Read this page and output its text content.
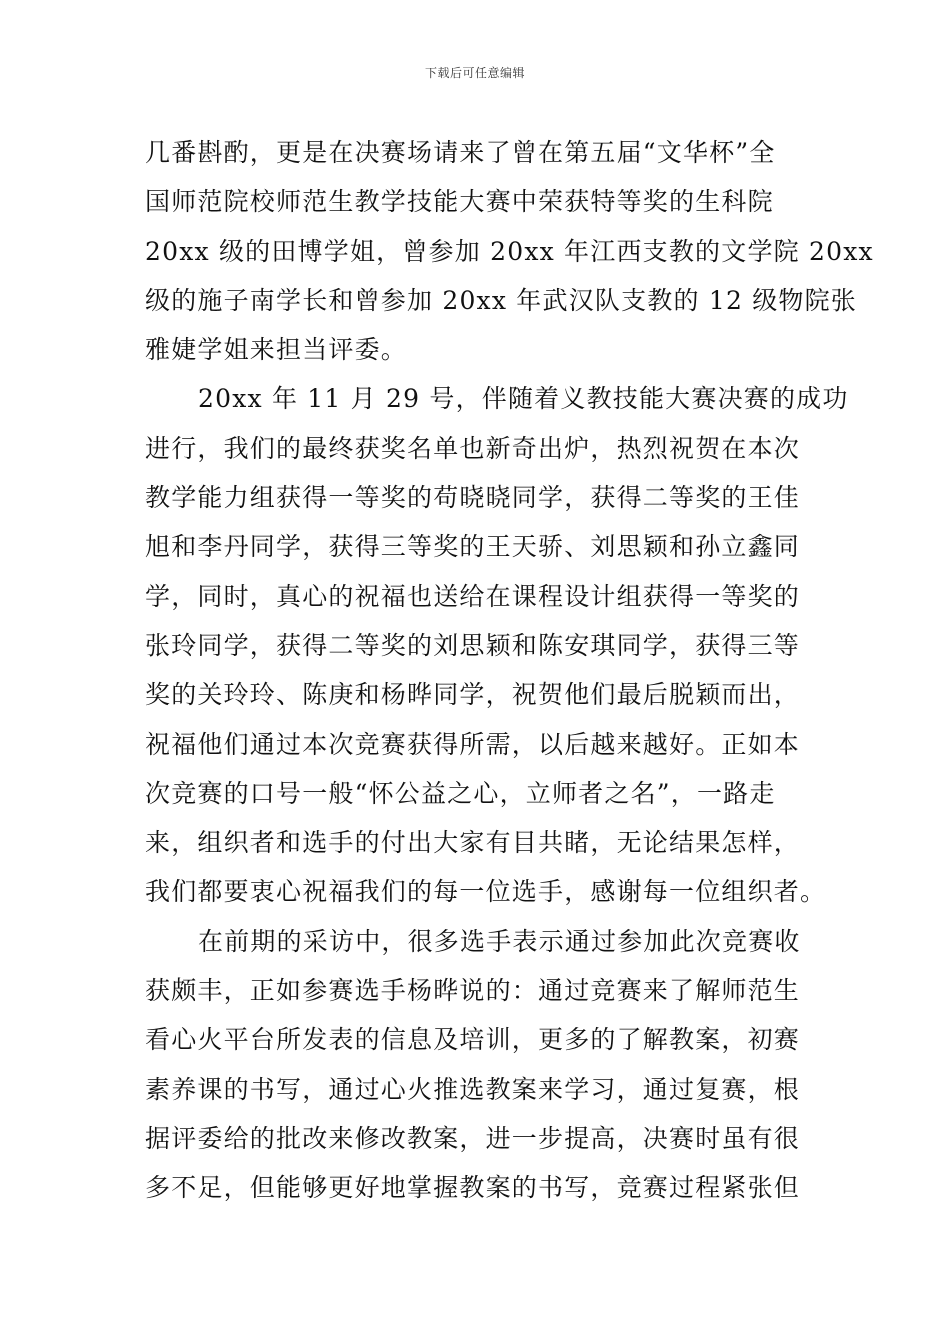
下载后可任意编辑
几番斟酌，更是在决赛场请来了曾在第五届“文华杯”全
国师范院校师范生教学技能大赛中荣获特等奖的生科院
20xx 级的田博学姐，曾参加 20xx 年江西支教的文学院 20xx
级的施子南学长和曾参加 20xx 年武汉队支教的 12 级物院张
雅婕学姐来担当评委。
20xx 年 11 月 29 号，伴随着义教技能大赛决赛的成功
进行，我们的最终获奖名单也新奇出炉，热烈祝贺在本次
教学能力组获得一等奖的苟晓晓同学，获得二等奖的王佳
旭和李丹同学，获得三等奖的王天骄、刘思颖和孙立鑫同
学，同时，真心的祝福也送给在课程设计组获得一等奖的
张玲同学，获得二等奖的刘思颖和陈安琪同学，获得三等
奖的关玲玲、陈庚和杨晔同学，祝贺他们最后脱颖而出，
祝福他们通过本次竞赛获得所需，以后越来越好。正如本
次竞赛的口号一般“怀公益之心，立师者之名”，一路走
来，组织者和选手的付出大家有目共睹，无论结果怎样，
我们都要衷心祝福我们的每一位选手，感谢每一位组织者。
在前期的采访中，很多选手表示通过参加此次竞赛收
获颇丰，正如参赛选手杨晔说的：通过竞赛来了解师范生
看心火平台所发表的信息及培训，更多的了解教案，初赛
素养课的书写，通过心火推选教案来学习，通过复赛，根
据评委给的批改来修改教案，进一步提高，决赛时虽有很
多不足，但能够更好地掌握教案的书写，竞赛过程紧张但
